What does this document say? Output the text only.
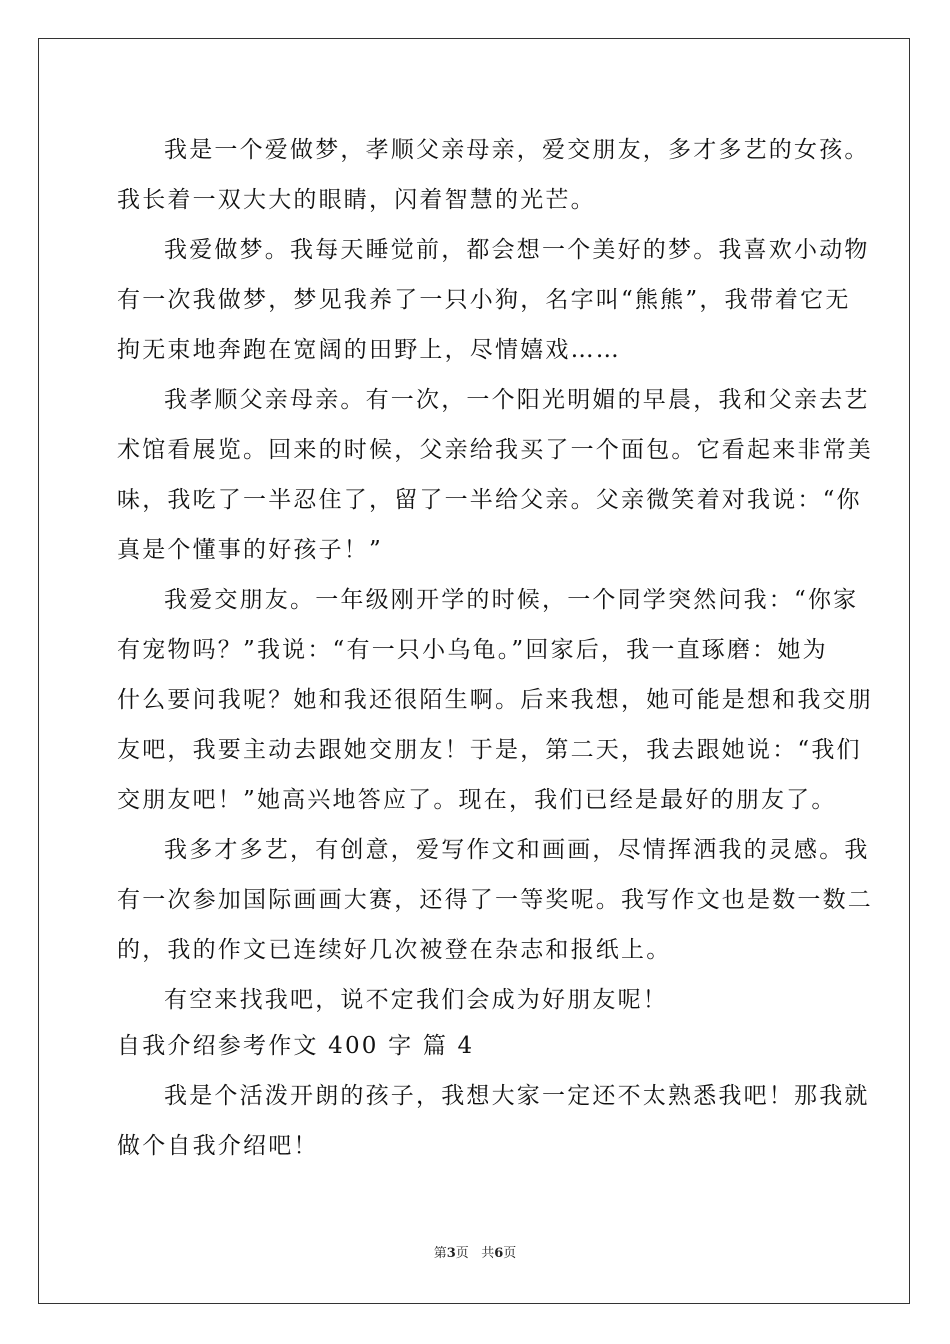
我是一个爱做梦，孝顺父亲母亲，爱交朋友，多才多艺的女孩。
我长着一双大大的眼睛，闪着智慧的光芒。
我爱做梦。我每天睡觉前，都会想一个美好的梦。我喜欢小动物
有一次我做梦，梦见我养了一只小狗，名字叫“熊熊”，我带着它无
拘无束地奔跑在宽阔的田野上，尽情嬉戏……
我孝顺父亲母亲。有一次，一个阳光明媚的早晨，我和父亲去艺
术馆看展览。回来的时候，父亲给我买了一个面包。它看起来非常美
味，我吃了一半忍住了，留了一半给父亲。父亲微笑着对我说：“你
真是个懂事的好孩子！”
我爱交朋友。一年级刚开学的时候，一个同学突然问我：“你家
有宠物吗？”我说：“有一只小乌龟。”回家后，我一直琢磨：她为
什么要问我呢？她和我还很陌生啊。后来我想，她可能是想和我交朋
友吧，我要主动去跟她交朋友！于是，第二天，我去跟她说：“我们
交朋友吧！”她高兴地答应了。现在，我们已经是最好的朋友了。
我多才多艺，有创意，爱写作文和画画，尽情挥洒我的灵感。我
有一次参加国际画画大赛，还得了一等奖呢。我写作文也是数一数二
的，我的作文已连续好几次被登在杂志和报纸上。
有空来找我吧，说不定我们会成为好朋友呢！
自我介绍参考作文 400 字 篇 4
我是个活泼开朗的孩子，我想大家一定还不太熟悉我吧！那我就
做个自我介绍吧！
第3页 共6页
